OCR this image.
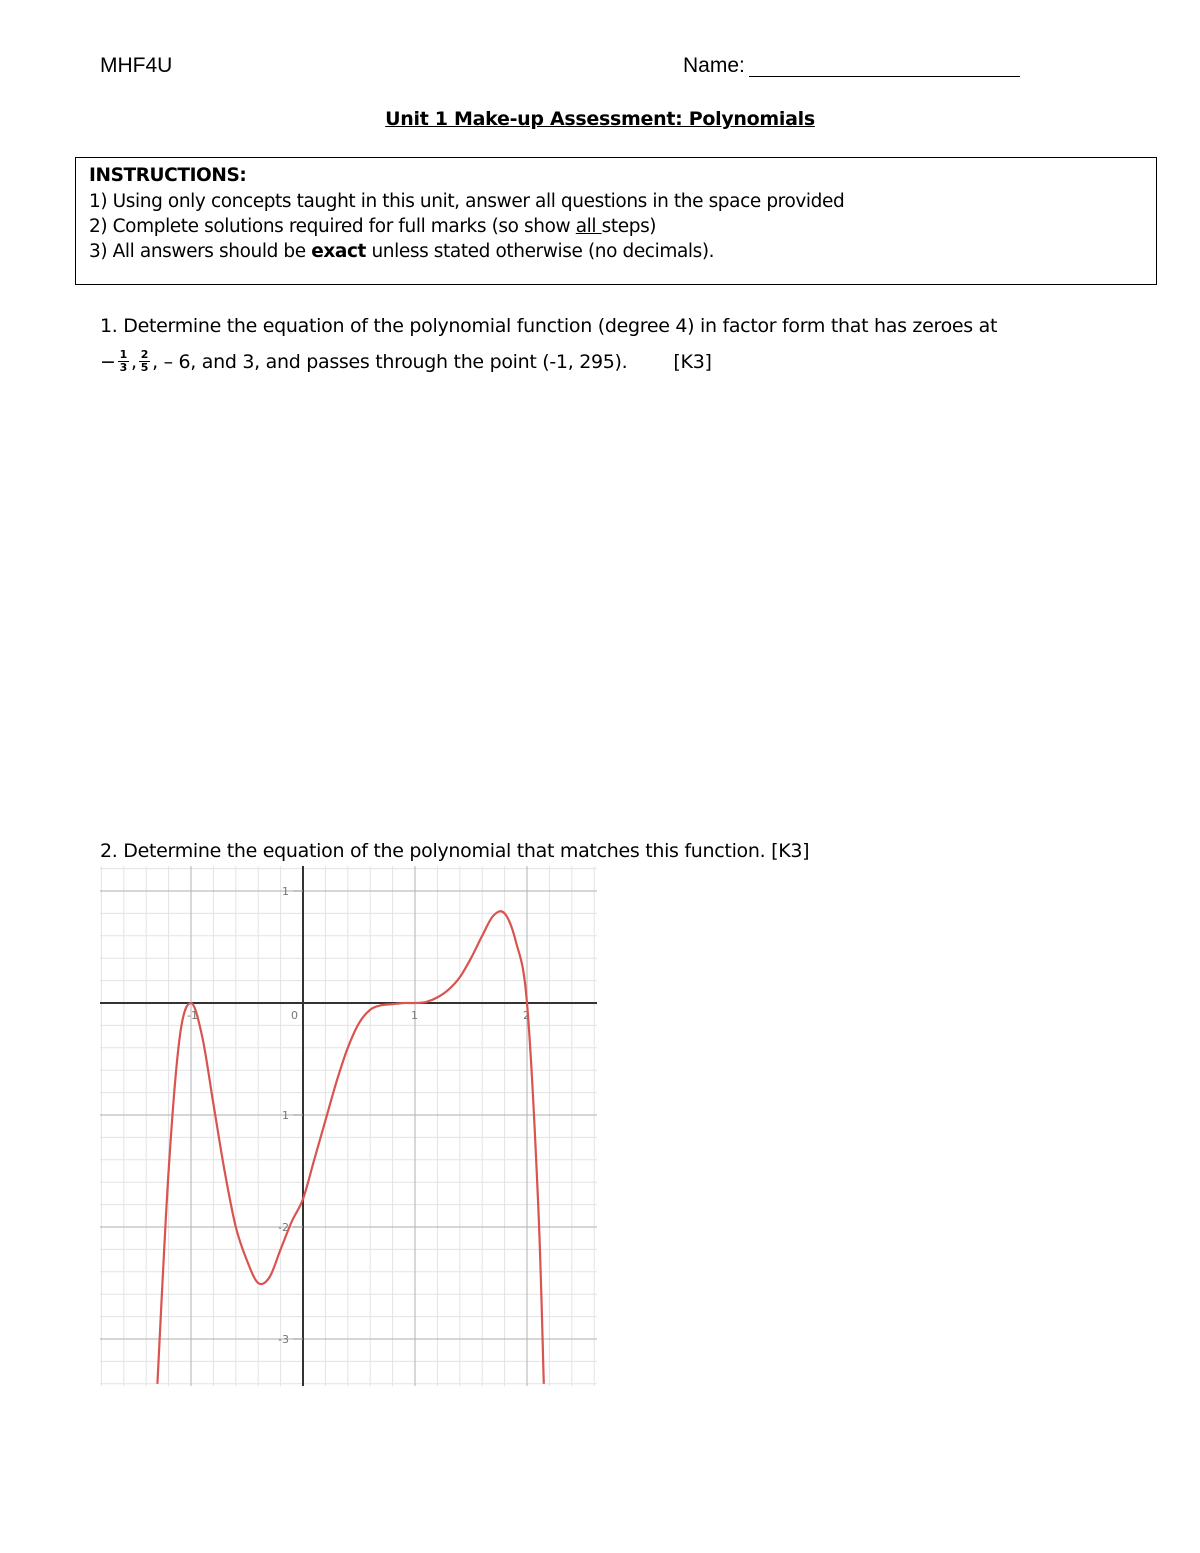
MHF4U	Name:
Unit 1 Make-up Assessment: Polynomials
INSTRUCTIONS:
1) Using only concepts taught in this unit, answer all questions in the space provided
2) Complete solutions required for full marks (so show all steps)
3) All answers should be exact unless stated otherwise (no decimals).
1. Determine the equation of the polynomial function (degree 4) in factor form that has zeroes at
− $\frac{1}{3}$ , $\frac{2}{5}$ , – 6, and 3, and passes through the point (-1, 295). [K3]
2. Determine the equation of the polynomial that matches this function. [K3]
-1	0	1	2
1
1
-2
-3
